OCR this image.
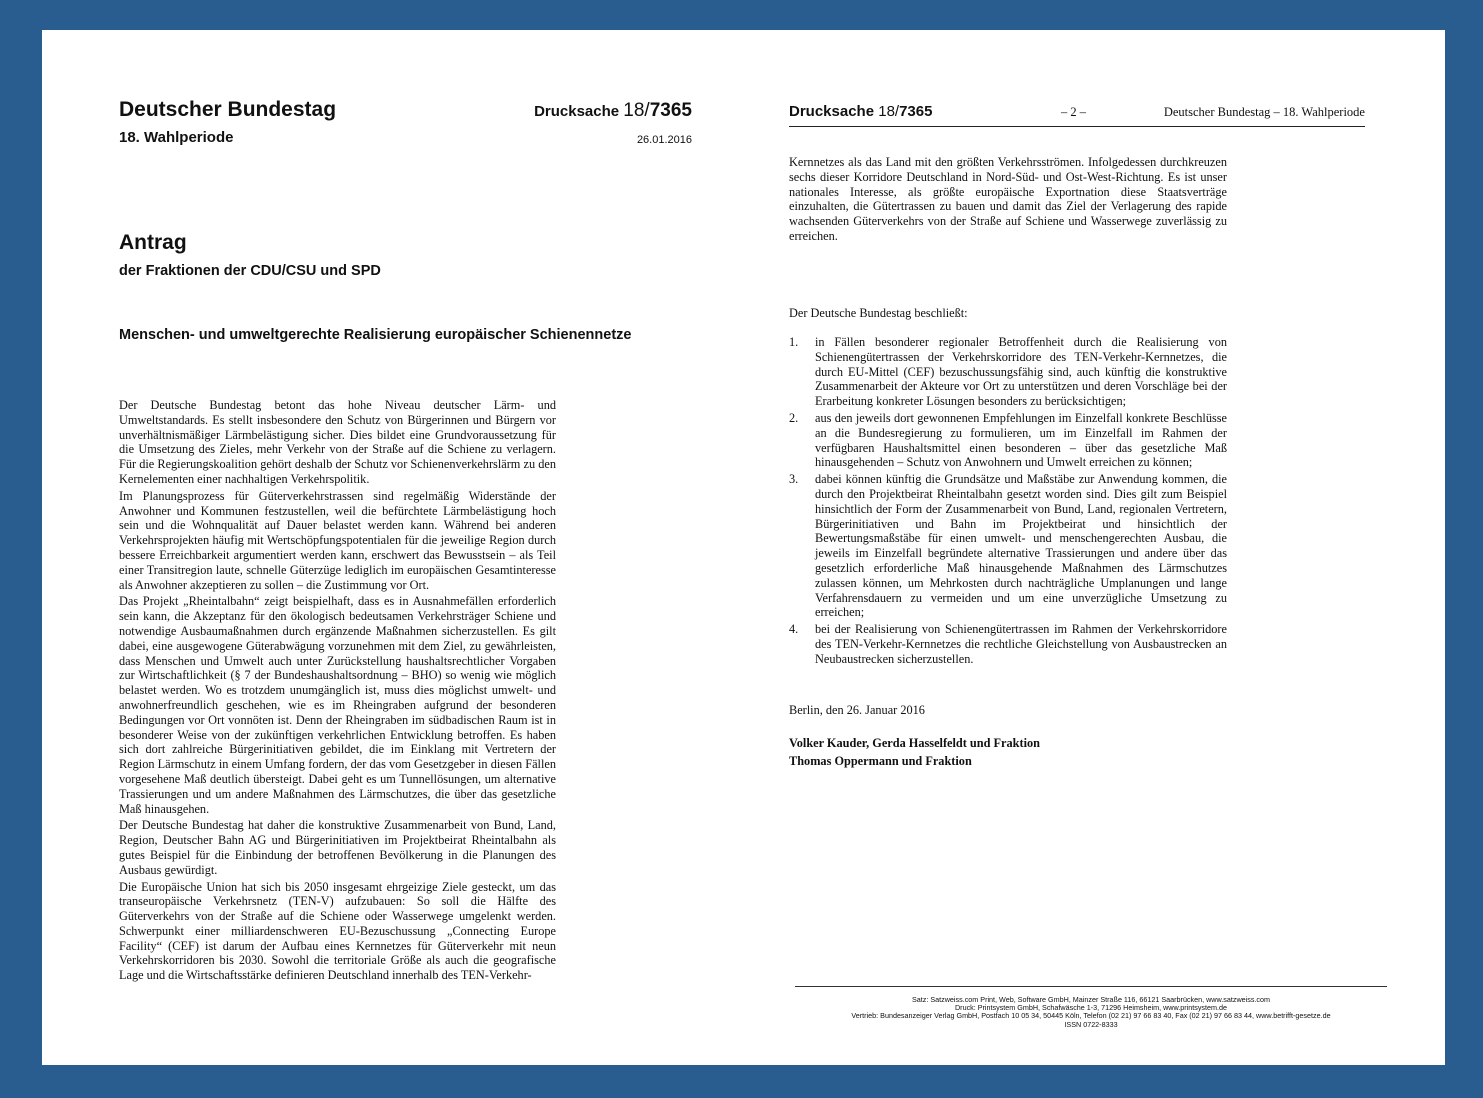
Deutscher Bundestag
18. Wahlperiode
Drucksache 18/7365
26.01.2016
Antrag
der Fraktionen der CDU/CSU und SPD
Menschen- und umweltgerechte Realisierung europäischer Schienennetze

Der Deutsche Bundestag betont das hohe Niveau deutscher Lärm- und Umweltstandards. Es stellt insbesondere den Schutz von Bürgerinnen und Bürgern vor unverhältnismäßiger Lärmbelästigung sicher. Dies bildet eine Grundvoraussetzung für die Umsetzung des Zieles, mehr Verkehr von der Straße auf die Schiene zu verlagern. Für die Regierungskoalition gehört deshalb der Schutz vor Schienenverkehrslärm zu den Kernelementen einer nachhaltigen Verkehrspolitik.

Im Planungsprozess für Güterverkehrstrassen sind regelmäßig Widerstände der Anwohner und Kommunen festzustellen, weil die befürchtete Lärmbelästigung hoch sein und die Wohnqualität auf Dauer belastet werden kann. Während bei anderen Verkehrsprojekten häufig mit Wertschöpfungspotentialen für die jeweilige Region durch bessere Erreichbarkeit argumentiert werden kann, erschwert das Bewusstsein – als Teil einer Transitregion laute, schnelle Güterzüge lediglich im europäischen Gesamtinteresse als Anwohner akzeptieren zu sollen – die Zustimmung vor Ort.

Das Projekt „Rheintalbahn“ zeigt beispielhaft, dass es in Ausnahmefällen erforderlich sein kann, die Akzeptanz für den ökologisch bedeutsamen Verkehrsträger Schiene und notwendige Ausbaumaßnahmen durch ergänzende Maßnahmen sicherzustellen. Es gilt dabei, eine ausgewogene Güterabwägung vorzunehmen mit dem Ziel, zu gewährleisten, dass Menschen und Umwelt auch unter Zurückstellung haushaltsrechtlicher Vorgaben zur Wirtschaftlichkeit (§ 7 der Bundeshaushaltsordnung – BHO) so wenig wie möglich belastet werden. Wo es trotzdem unumgänglich ist, muss dies möglichst umwelt- und anwohnerfreundlich geschehen, wie es im Rheingraben aufgrund der besonderen Bedingungen vor Ort vonnöten ist. Denn der Rheingraben im südbadischen Raum ist in besonderer Weise von der zukünftigen verkehrlichen Entwicklung betroffen. Es haben sich dort zahlreiche Bürgerinitiativen gebildet, die im Einklang mit Vertretern der Region Lärmschutz in einem Umfang fordern, der das vom Gesetzgeber in diesen Fällen vorgesehene Maß deutlich übersteigt. Dabei geht es um Tunnellösungen, um alternative Trassierungen und um andere Maßnahmen des Lärmschutzes, die über das gesetzliche Maß hinausgehen.

Der Deutsche Bundestag hat daher die konstruktive Zusammenarbeit von Bund, Land, Region, Deutscher Bahn AG und Bürgerinitiativen im Projektbeirat Rheintalbahn als gutes Beispiel für die Einbindung der betroffenen Bevölkerung in die Planungen des Ausbaus gewürdigt.

Die Europäische Union hat sich bis 2050 insgesamt ehrgeizige Ziele gesteckt, um das transeuropäische Verkehrsnetz (TEN-V) aufzubauen: So soll die Hälfte des Güterverkehrs von der Straße auf die Schiene oder Wasserwege umgelenkt werden. Schwerpunkt einer milliardenschweren EU-Bezuschussung „Connecting Europe Facility“ (CEF) ist darum der Aufbau eines Kernnetzes für Güterverkehr mit neun Verkehrskorridoren bis 2030. Sowohl die territoriale Größe als auch die geografische Lage und die Wirtschaftsstärke definieren Deutschland innerhalb des TEN-Verkehr-

Drucksache 18/7365	– 2 –	Deutscher Bundestag – 18. Wahlperiode

Kernnetzes als das Land mit den größten Verkehrsströmen. Infolgedessen durchkreuzen sechs dieser Korridore Deutschland in Nord-Süd- und Ost-West-Richtung. Es ist unser nationales Interesse, als größte europäische Exportnation diese Staatsverträge einzuhalten, die Gütertrassen zu bauen und damit das Ziel der Verlagerung des rapide wachsenden Güterverkehrs von der Straße auf Schiene und Wasserwege zuverlässig zu erreichen.

Der Deutsche Bundestag beschließt:
1. in Fällen besonderer regionaler Betroffenheit durch die Realisierung von Schienengütertrassen der Verkehrskorridore des TEN-Verkehr-Kernnetzes, die durch EU-Mittel (CEF) bezuschussungsfähig sind, auch künftig die konstruktive Zusammenarbeit der Akteure vor Ort zu unterstützen und deren Vorschläge bei der Erarbeitung konkreter Lösungen besonders zu berücksichtigen;

2. aus den jeweils dort gewonnenen Empfehlungen im Einzelfall konkrete Beschlüsse an die Bundesregierung zu formulieren, um im Einzelfall im Rahmen der verfügbaren Haushaltsmittel einen besonderen – über das gesetzliche Maß hinausgehenden – Schutz von Anwohnern und Umwelt erreichen zu können;

3. dabei können künftig die Grundsätze und Maßstäbe zur Anwendung kommen, die durch den Projektbeirat Rheintalbahn gesetzt worden sind. Dies gilt zum Beispiel hinsichtlich der Form der Zusammenarbeit von Bund, Land, regionalen Vertretern, Bürgerinitiativen und Bahn im Projektbeirat und hinsichtlich der Bewertungsmaßstäbe für einen umwelt- und menschengerechten Ausbau, die jeweils im Einzelfall begründete alternative Trassierungen und andere über das gesetzlich erforderliche Maß hinausgehende Maßnahmen des Lärmschutzes zulassen können, um Mehrkosten durch nachträgliche Umplanungen und lange Verfahrensdauern zu vermeiden und um eine unverzügliche Umsetzung zu erreichen;

4. bei der Realisierung von Schienengütertrassen im Rahmen der Verkehrskorridore des TEN-Verkehr-Kernnetzes die rechtliche Gleichstellung von Ausbaustrecken an Neubaustrecken sicherzustellen.

Berlin, den 26. Januar 2016
Volker Kauder, Gerda Hasselfeldt und Fraktion
Thomas Oppermann und Fraktion
Satz: Satzweiss.com Print, Web, Software GmbH, Mainzer Straße 116, 66121 Saarbrücken, www.satzweiss.com
Druck: Printsystem GmbH, Schafwäsche 1-3, 71296 Heimsheim, www.printsystem.de
Vertrieb: Bundesanzeiger Verlag GmbH, Postfach 10 05 34, 50445 Köln, Telefon (02 21) 97 66 83 40, Fax (02 21) 97 66 83 44, www.betrifft-gesetze.de
ISSN 0722-8333
